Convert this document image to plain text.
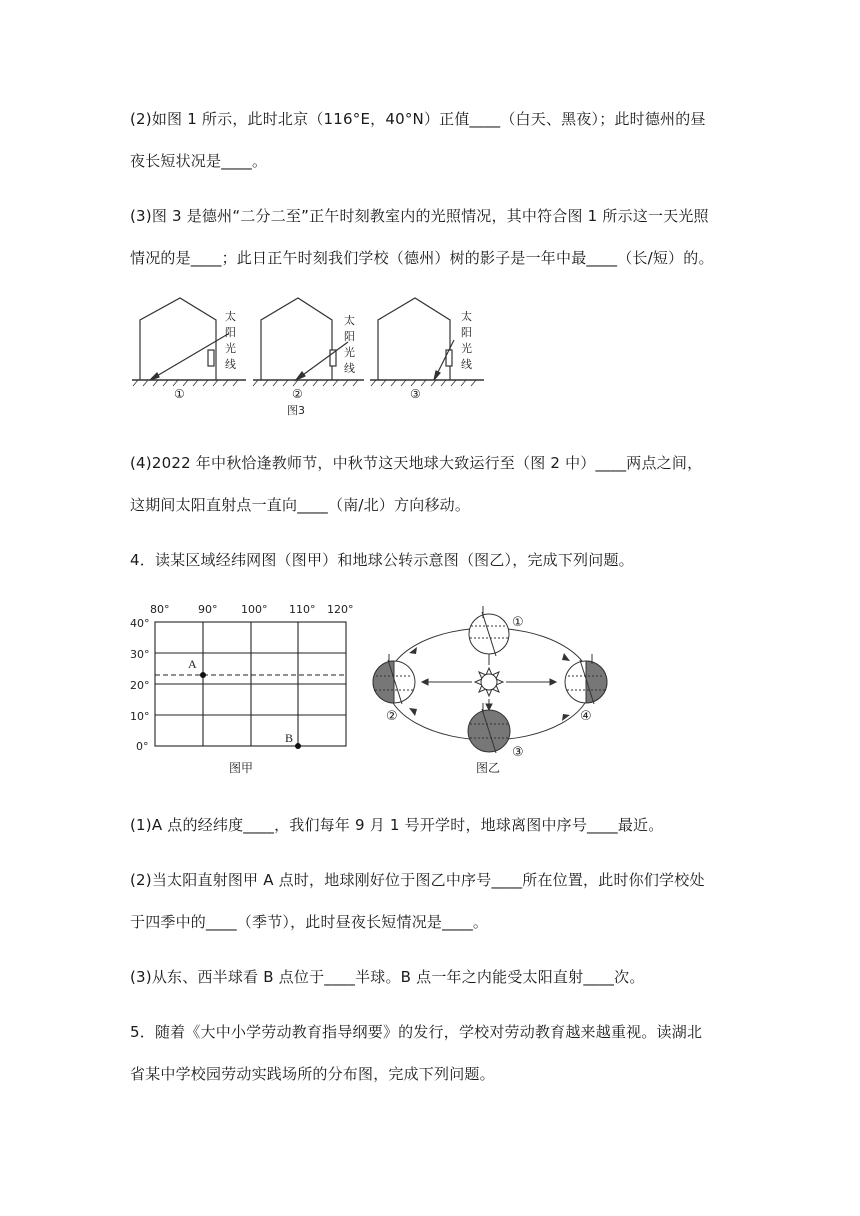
(2)如图 1 所示，此时北京（116°E，40°N）正值____（白天、黑夜）；此时德州的昼
夜长短状况是____。
(3)图 3 是德州“二分二至”正午时刻教室内的光照情况，其中符合图 1 所示这一天光照
情况的是____；此日正午时刻我们学校（德州）树的影子是一年中最____（长/短）的。
太
阳
光
线
太
阳
光
线
太
阳
光
线
①	②	③
图3
(4)2022 年中秋恰逢教师节，中秋节这天地球大致运行至（图 2 中）____两点之间，
这期间太阳直射点一直向____（南/北）方向移动。
4．读某区域经纬网图（图甲）和地球公转示意图（图乙），完成下列问题。
80°	90° 100° 110° 120°
40°
30°
20°
10°
0°
A
B
图甲
①
②
③
④
图乙
(1)A 点的经纬度____，我们每年 9 月 1 号开学时，地球离图中序号____最近。
(2)当太阳直射图甲 A 点时，地球刚好位于图乙中序号____所在位置，此时你们学校处
于四季中的____（季节），此时昼夜长短情况是____。
(3)从东、西半球看 B 点位于____半球。B 点一年之内能受太阳直射____次。
5．随着《大中小学劳动教育指导纲要》的发行，学校对劳动教育越来越重视。读湖北
省某中学校园劳动实践场所的分布图，完成下列问题。
